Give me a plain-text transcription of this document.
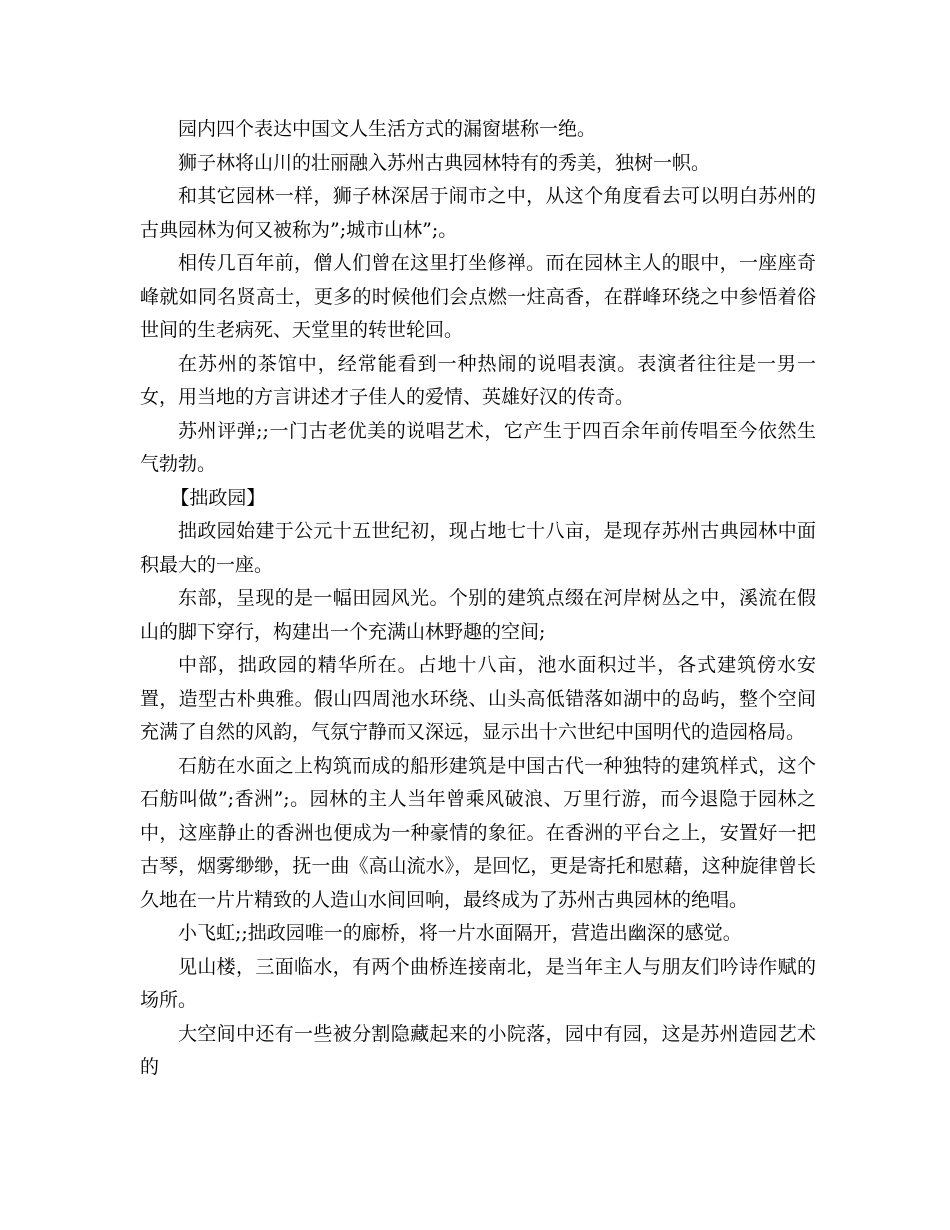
园内四个表达中国文人生活方式的漏窗堪称一绝。

狮子林将山川的壮丽融入苏州古典园林特有的秀美，独树一帜。

和其它园林一样，狮子林深居于闹市之中，从这个角度看去可以明白苏州的古典园林为何又被称为”;城市山林”;。

相传几百年前，僧人们曾在这里打坐修禅。而在园林主人的眼中，一座座奇峰就如同名贤高士，更多的时候他们会点燃一炷高香，在群峰环绕之中参悟着俗世间的生老病死、天堂里的转世轮回。

在苏州的茶馆中，经常能看到一种热闹的说唱表演。表演者往往是一男一女，用当地的方言讲述才子佳人的爱情、英雄好汉的传奇。

苏州评弹;;一门古老优美的说唱艺术，它产生于四百余年前传唱至今依然生气勃勃。

【拙政园】

拙政园始建于公元十五世纪初，现占地七十八亩，是现存苏州古典园林中面积最大的一座。

东部，呈现的是一幅田园风光。个别的建筑点缀在河岸树丛之中，溪流在假山的脚下穿行，构建出一个充满山林野趣的空间;

中部，拙政园的精华所在。占地十八亩，池水面积过半，各式建筑傍水安置，造型古朴典雅。假山四周池水环绕、山头高低错落如湖中的岛屿，整个空间充满了自然的风韵，气氛宁静而又深远，显示出十六世纪中国明代的造园格局。

石舫在水面之上构筑而成的船形建筑是中国古代一种独特的建筑样式，这个石舫叫做”;香洲”;。园林的主人当年曾乘风破浪、万里行游，而今退隐于园林之中，这座静止的香洲也便成为一种豪情的象征。在香洲的平台之上，安置好一把古琴，烟雾缈缈，抚一曲《高山流水》，是回忆，更是寄托和慰藉，这种旋律曾长久地在一片片精致的人造山水间回响，最终成为了苏州古典园林的绝唱。

小飞虹;;拙政园唯一的廊桥，将一片水面隔开，营造出幽深的感觉。

见山楼，三面临水，有两个曲桥连接南北，是当年主人与朋友们吟诗作赋的场所。

大空间中还有一些被分割隐藏起来的小院落，园中有园，这是苏州造园艺术的
